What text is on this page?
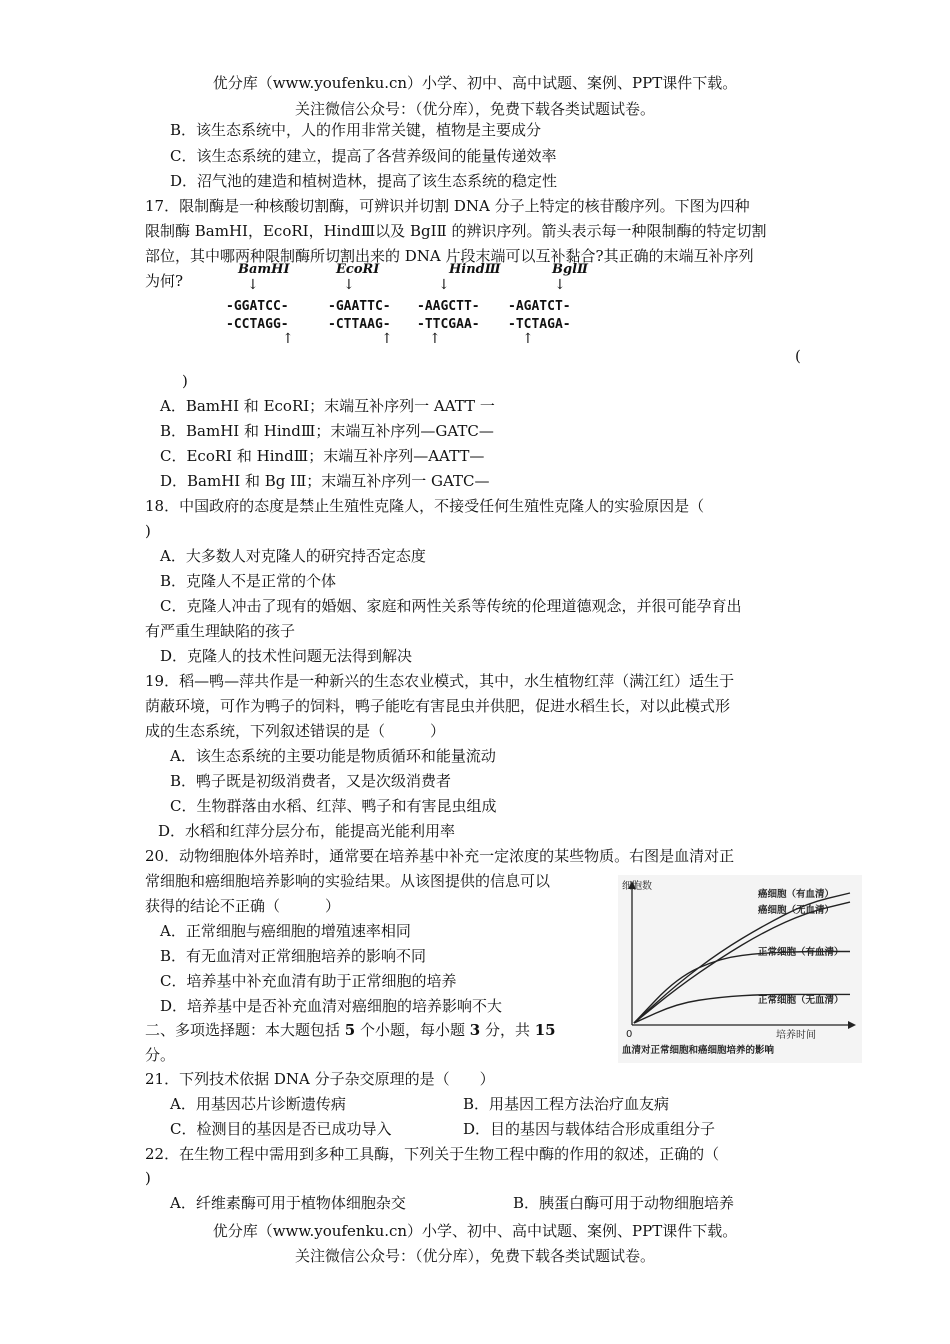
优分库（www.youfenku.cn）小学、初中、高中试题、案例、PPT课件下载。
关注微信公众号：（优分库），免费下载各类试题试卷。
B．该生态系统中，人的作用非常关键，植物是主要成分
C．该生态系统的建立，提高了各营养级间的能量传递效率
D．沼气池的建造和植树造林，提高了该生态系统的稳定性
17．限制酶是一种核酸切割酶，可辨识并切割 DNA 分子上特定的核苷酸序列。下图为四种
限制酶 BamHI，EcoRI，HindⅢ以及 BgⅠⅡ 的辨识序列。箭头表示每一种限制酶的特定切割
部位，其中哪两种限制酶所切割出来的 DNA 片段末端可以互补黏合?其正确的末端互补序列
为何?
BamHI
↓
-GGATCC-
-CCTAGG-
↑
EcoRI
↓
-GAATTC-
-CTTAAG-
↑
HindⅢ
↓
-AAGCTT-
-TTCGAA-
↑
BglⅡ
↓
-AGATCT-
-TCTAGA-
↑
(
)
A．BamHI 和 EcoRI；末端互补序列一 AATT 一
B．BamHI 和 HindⅢ；末端互补序列—GATC—
C．EcoRI 和 HindⅢ；末端互补序列—AATT—
D．BamHI 和 Bg ⅠⅡ；末端互补序列一 GATC—
18．中国政府的态度是禁止生殖性克隆人，不接受任何生殖性克隆人的实验原因是（
)
A．大多数人对克隆人的研究持否定态度
B．克隆人不是正常的个体
C．克隆人冲击了现有的婚姻、家庭和两性关系等传统的伦理道德观念，并很可能孕育出
有严重生理缺陷的孩子
D．克隆人的技术性问题无法得到解决
19．稻—鸭—萍共作是一种新兴的生态农业模式，其中，水生植物红萍（满江红）适生于
荫蔽环境，可作为鸭子的饲料，鸭子能吃有害昆虫并供肥，促进水稻生长，对以此模式形
成的生态系统，下列叙述错误的是（　　　）
A．该生态系统的主要功能是物质循环和能量流动
B．鸭子既是初级消费者，又是次级消费者
C．生物群落由水稻、红萍、鸭子和有害昆虫组成
D．水稻和红萍分层分布，能提高光能利用率
20．动物细胞体外培养时，通常要在培养基中补充一定浓度的某些物质。右图是血清对正
常细胞和癌细胞培养影响的实验结果。从该图提供的信息可以
获得的结论不正确（　　　）
A．正常细胞与癌细胞的增殖速率相同
B．有无血清对正常细胞培养的影响不同
C．培养基中补充血清有助于正常细胞的培养
D．培养基中是否补充血清对癌细胞的培养影响不大
细胞数
0	培养时间
血清对正常细胞和癌细胞培养的影响
癌细胞（有血清）
癌细胞（无血清）
正常细胞（有血清）
正常细胞（无血清）
二、多项选择题：本大题包括 5 个小题，每小题 3 分，共 15
分。
21．下列技术依据 DNA 分子杂交原理的是（　　）
A．用基因芯片诊断遗传病	B．用基因工程方法治疗血友病
C．检测目的基因是否已成功导入	D．目的基因与载体结合形成重组分子
22．在生物工程中需用到多种工具酶，下列关于生物工程中酶的作用的叙述，正确的（
)
A．纤维素酶可用于植物体细胞杂交	B．胰蛋白酶可用于动物细胞培养
优分库（www.youfenku.cn）小学、初中、高中试题、案例、PPT课件下载。
关注微信公众号：（优分库），免费下载各类试题试卷。
